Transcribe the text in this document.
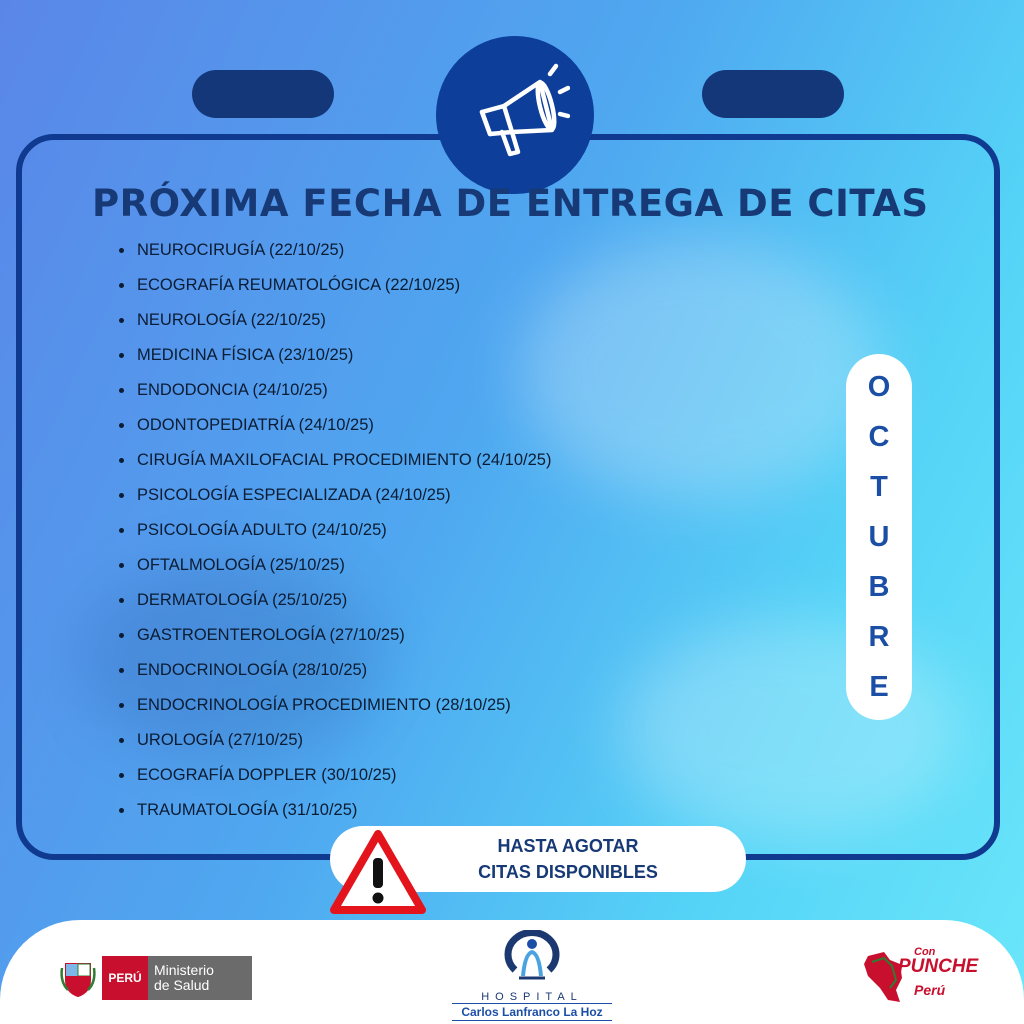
PRÓXIMA FECHA DE ENTREGA DE CITAS
NEUROCIRUGÍA (22/10/25)
ECOGRAFÍA REUMATOLÓGICA (22/10/25)
NEUROLOGÍA (22/10/25)
MEDICINA FÍSICA (23/10/25)
ENDODONCIA (24/10/25)
ODONTOPEDIATRÍA (24/10/25)
CIRUGÍA MAXILOFACIAL PROCEDIMIENTO (24/10/25)
PSICOLOGÍA ESPECIALIZADA (24/10/25)
PSICOLOGÍA ADULTO (24/10/25)
OFTALMOLOGÍA (25/10/25)
DERMATOLOGÍA (25/10/25)
GASTROENTEROLOGÍA (27/10/25)
ENDOCRINOLOGÍA (28/10/25)
ENDOCRINOLOGÍA PROCEDIMIENTO (28/10/25)
UROLOGÍA (27/10/25)
ECOGRAFÍA DOPPLER (30/10/25)
TRAUMATOLOGÍA (31/10/25)
O
C
T
U
B
R
E
HASTA AGOTAR
CITAS DISPONIBLES
PERÚ Ministerio
de Salud
HOSPITAL
Carlos Lanfranco La Hoz
Con
PUNCHE
Perú
